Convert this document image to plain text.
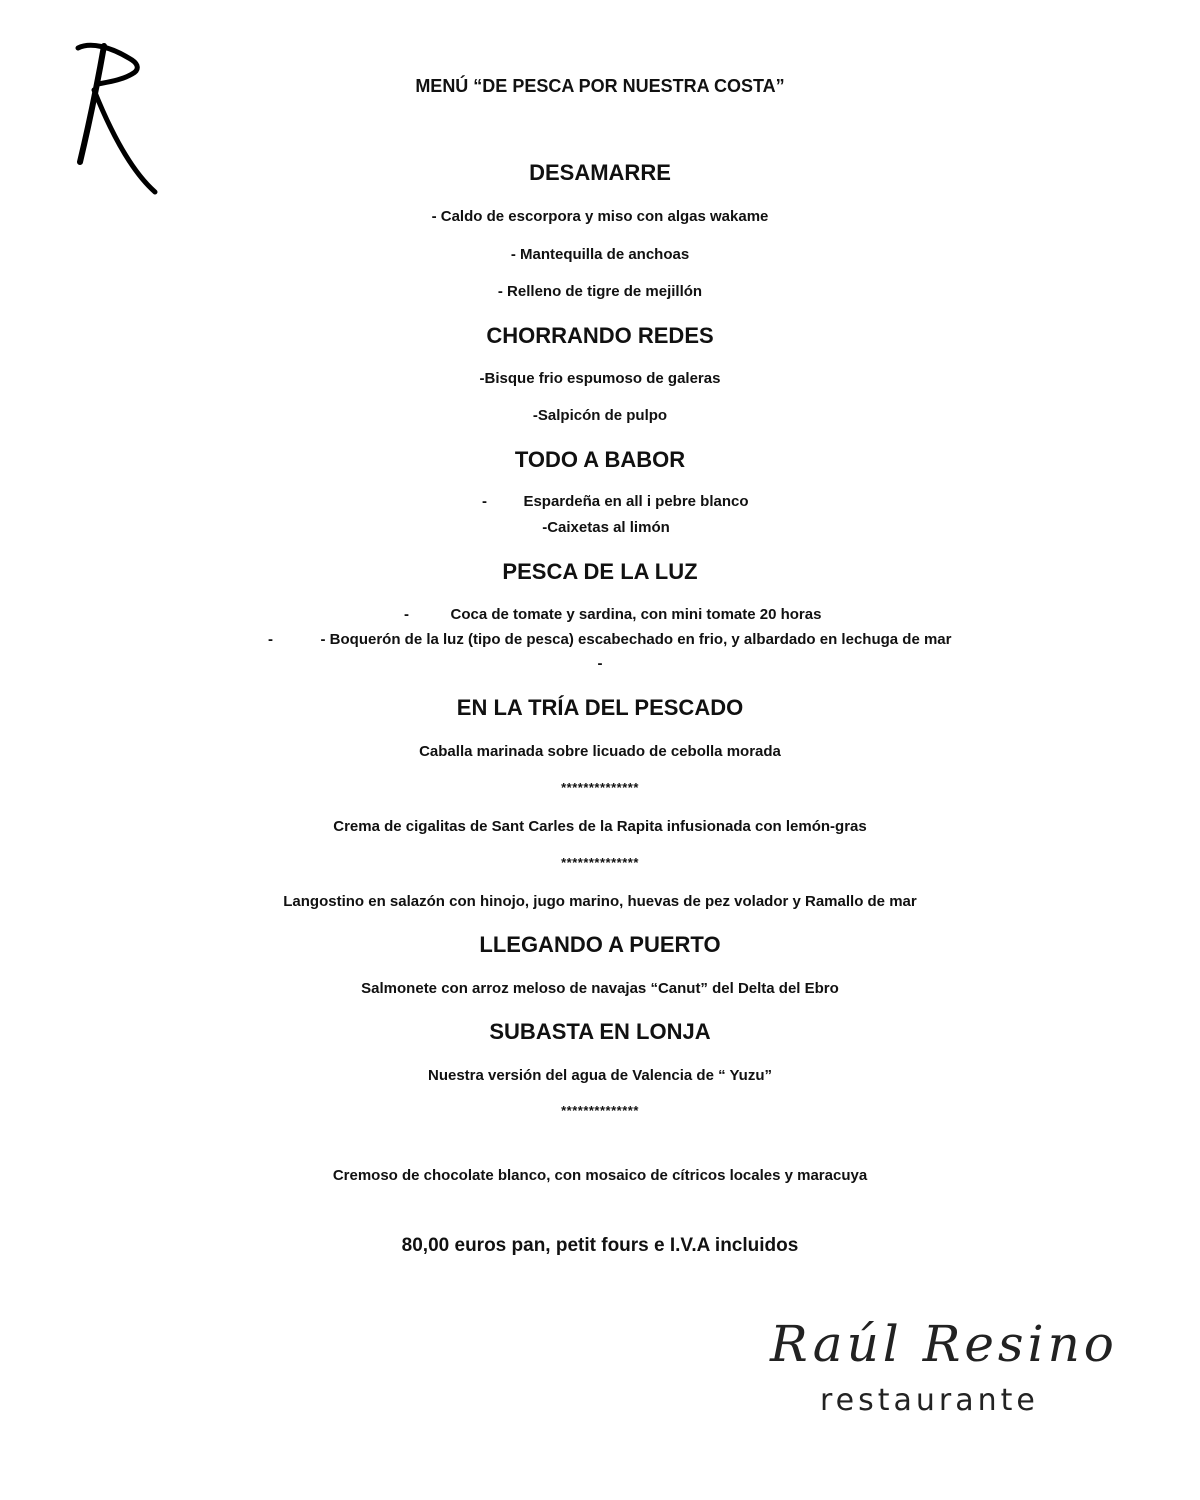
MENÚ “DE PESCA POR NUESTRA COSTA”
DESAMARRE
- Caldo de escorpora y miso con algas wakame
- Mantequilla de anchoas
- Relleno de tigre de mejillón
CHORRANDO REDES
-Bisque frio espumoso de galeras
-Salpicón de pulpo
TODO A BABOR
-	Espardeña en all i pebre blanco
-Caixetas al limón
PESCA DE LA LUZ
-	Coca de tomate y sardina, con mini tomate 20 horas
-	- Boquerón de la luz (tipo de pesca) escabechado en frio, y albardado en lechuga de mar
-
EN LA TRÍA DEL PESCADO
Caballa marinada sobre licuado de cebolla morada
**************
Crema de cigalitas de Sant Carles de la Rapita infusionada con lemón-gras
**************
Langostino en salazón con hinojo, jugo marino, huevas de pez volador y Ramallo de mar
LLEGANDO A PUERTO
Salmonete con arroz meloso de navajas “Canut” del Delta del Ebro
SUBASTA EN LONJA
Nuestra versión del agua de Valencia de “ Yuzu”
**************
Cremoso de chocolate blanco, con mosaico de cítricos locales y maracuya
80,00 euros pan, petit fours e I.V.A incluidos
Raúl Resino
restaurante
